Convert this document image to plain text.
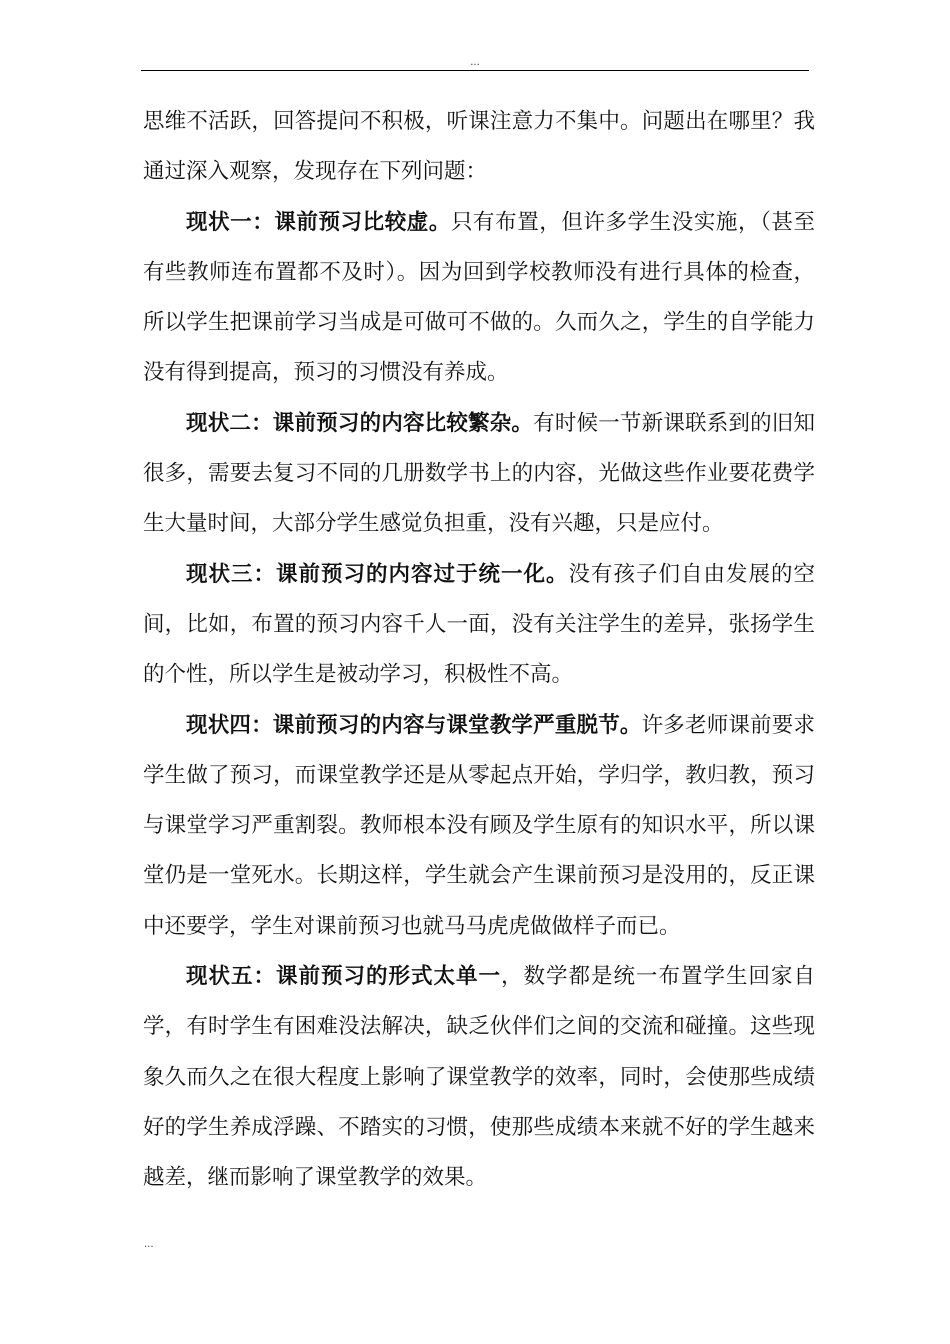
...

思维不活跃，回答提问不积极，听课注意力不集中。问题出在哪里？我通过深入观察，发现存在下列问题：

现状一：课前预习比较虚。只有布置，但许多学生没实施，（甚至有些教师连布置都不及时）。因为回到学校教师没有进行具体的检查，所以学生把课前学习当成是可做可不做的。久而久之，学生的自学能力没有得到提高，预习的习惯没有养成。

现状二：课前预习的内容比较繁杂。有时候一节新课联系到的旧知很多，需要去复习不同的几册数学书上的内容，光做这些作业要花费学生大量时间，大部分学生感觉负担重，没有兴趣，只是应付。

现状三：课前预习的内容过于统一化。没有孩子们自由发展的空间，比如，布置的预习内容千人一面，没有关注学生的差异，张扬学生的个性，所以学生是被动学习，积极性不高。

现状四：课前预习的内容与课堂教学严重脱节。许多老师课前要求学生做了预习，而课堂教学还是从零起点开始，学归学，教归教，预习与课堂学习严重割裂。教师根本没有顾及学生原有的知识水平，所以课堂仍是一堂死水。长期这样，学生就会产生课前预习是没用的，反正课中还要学，学生对课前预习也就马马虎虎做做样子而已。

现状五：课前预习的形式太单一，数学都是统一布置学生回家自学，有时学生有困难没法解决，缺乏伙伴们之间的交流和碰撞。这些现象久而久之在很大程度上影响了课堂教学的效率，同时，会使那些成绩好的学生养成浮躁、不踏实的习惯，使那些成绩本来就不好的学生越来越差，继而影响了课堂教学的效果。

...
